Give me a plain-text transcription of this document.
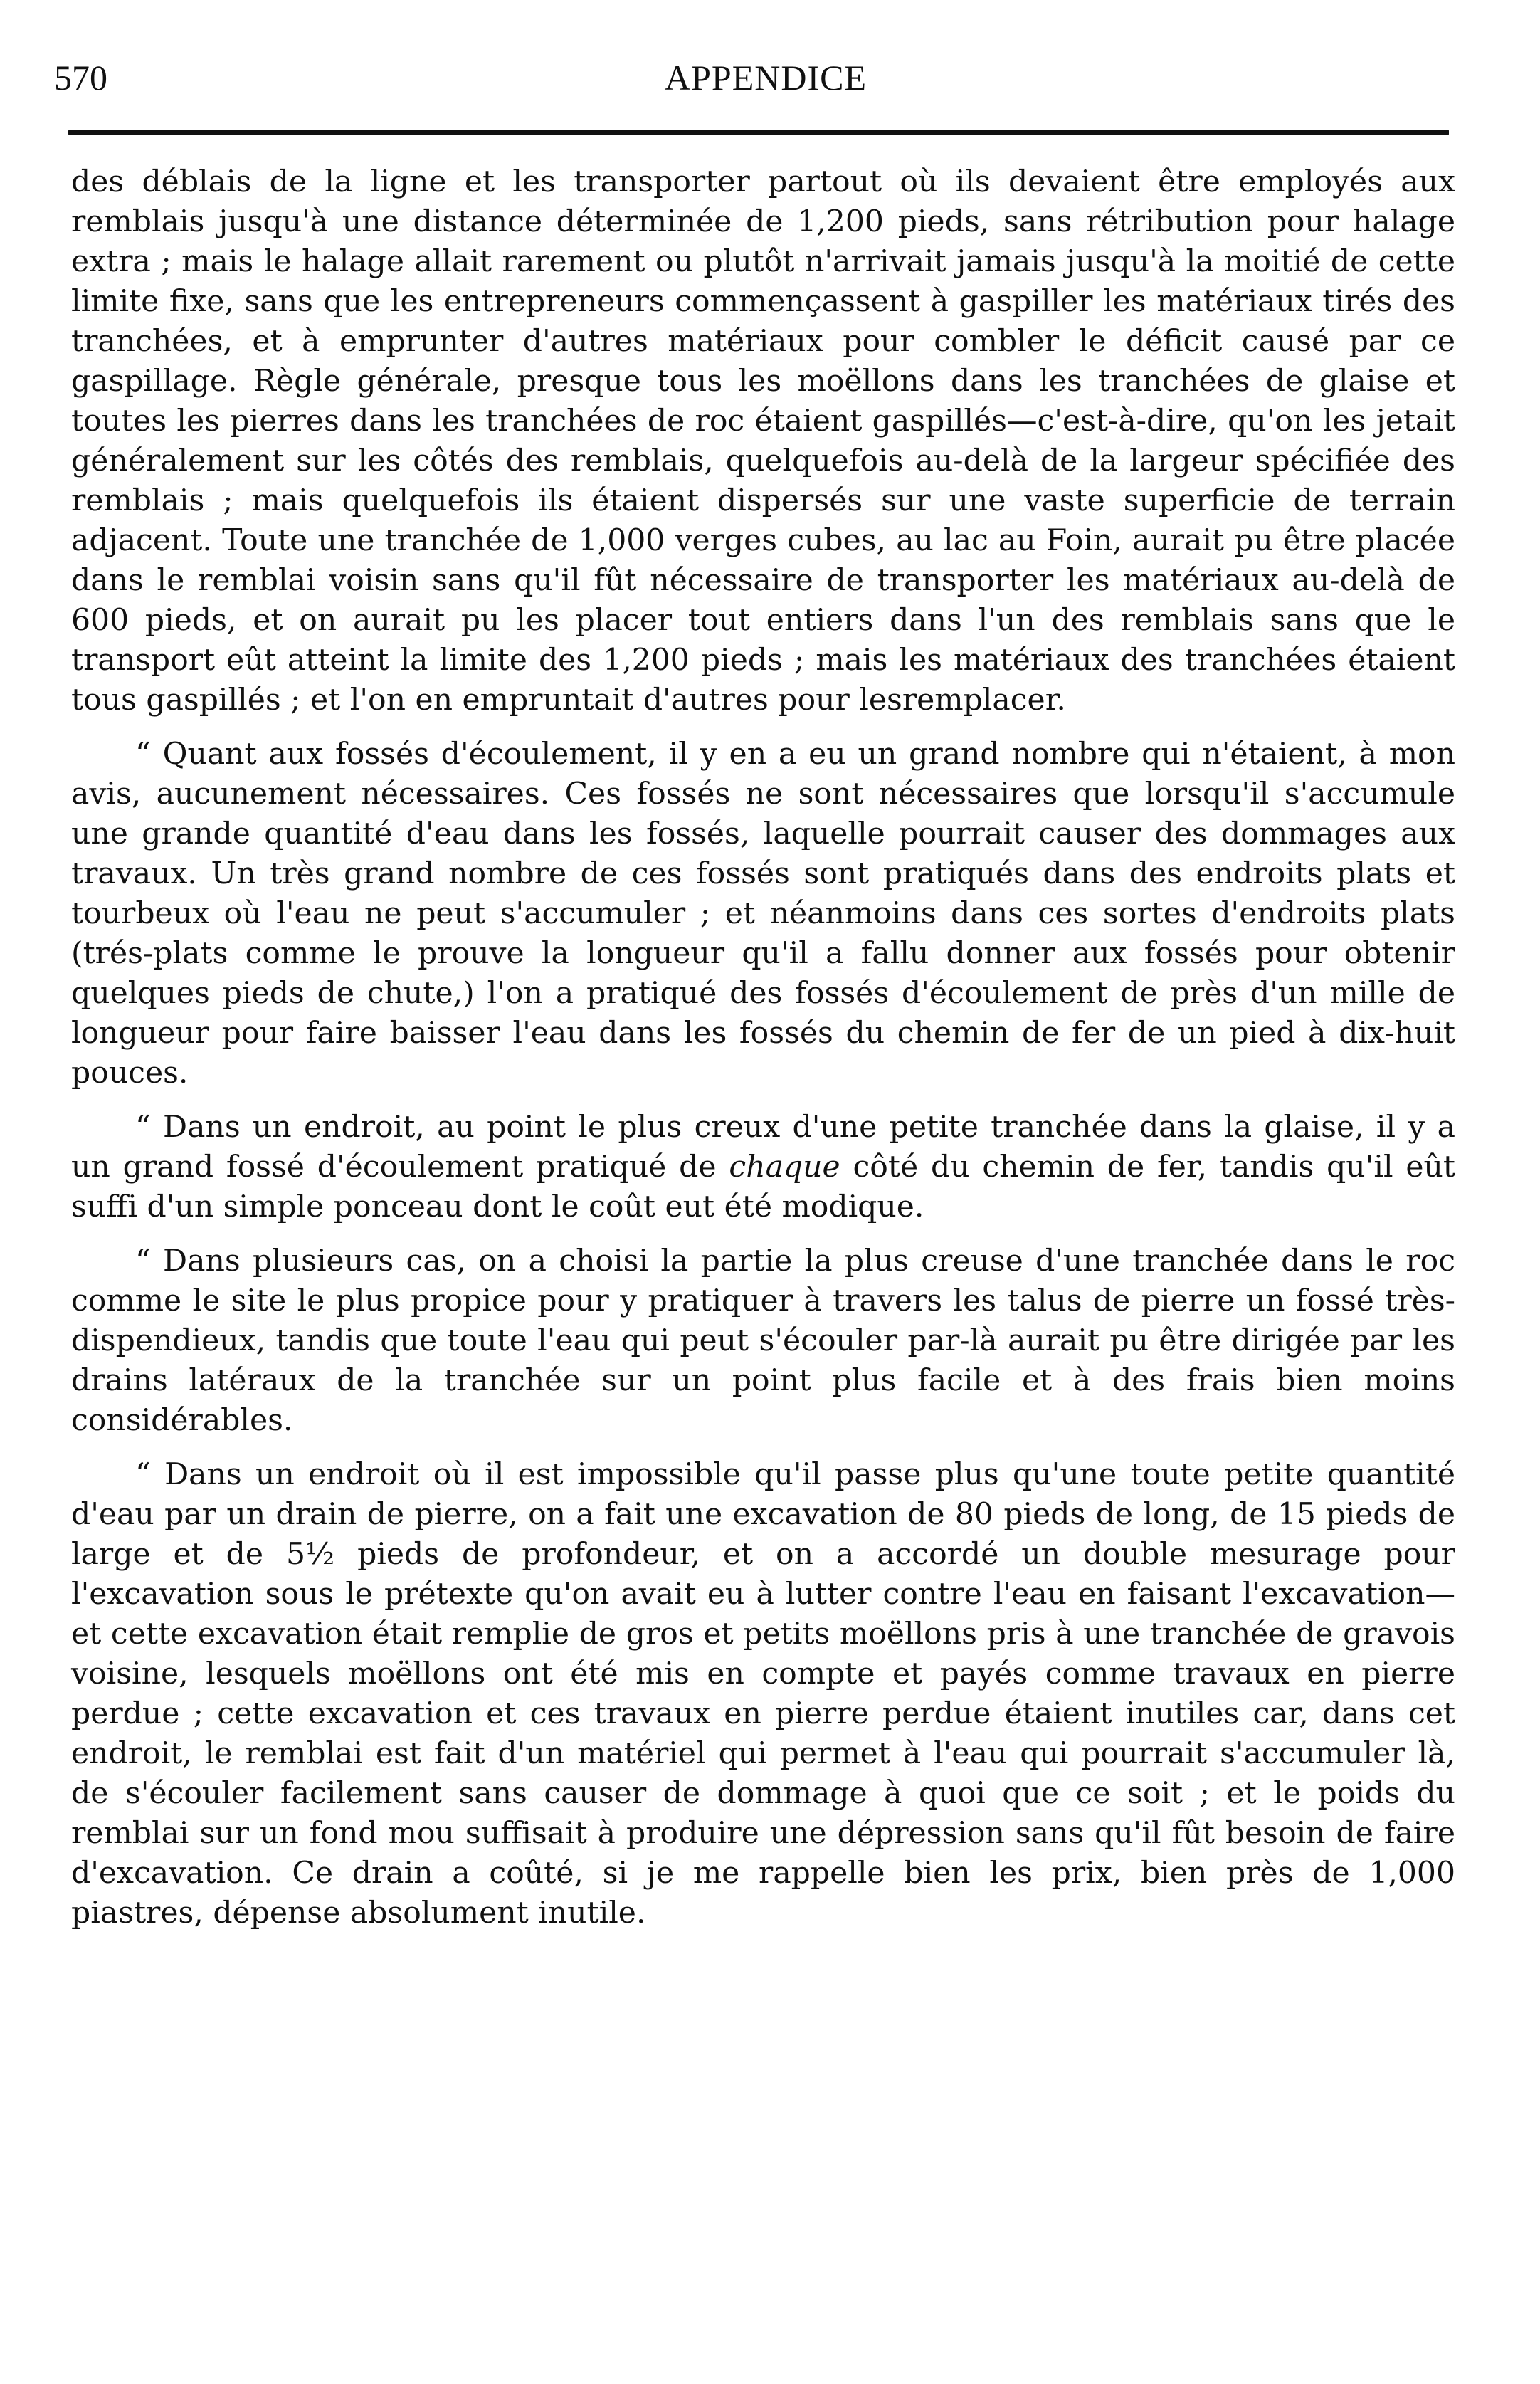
570	APPENDICE

des déblais de la ligne et les transporter partout où ils devaient être employés aux remblais jusqu'à une distance déterminée de 1,200 pieds, sans rétribution pour halage extra ; mais le halage allait rarement ou plutôt n'arrivait jamais jusqu'à la moitié de cette limite fixe, sans que les entrepreneurs commençassent à gaspiller les matériaux tirés des tranchées, et à emprunter d'autres matériaux pour combler le déficit causé par ce gaspillage. Règle générale, presque tous les moëllons dans les tranchées de glaise et toutes les pierres dans les tranchées de roc étaient gaspillés—c'est-à-dire, qu'on les jetait généralement sur les côtés des remblais, quelquefois au-delà de la largeur spécifiée des remblais ; mais quelquefois ils étaient dispersés sur une vaste superficie de terrain adjacent. Toute une tranchée de 1,000 verges cubes, au lac au Foin, aurait pu être placée dans le remblai voisin sans qu'il fût nécessaire de transporter les matériaux au-delà de 600 pieds, et on aurait pu les placer tout entiers dans l'un des remblais sans que le transport eût atteint la limite des 1,200 pieds ; mais les matériaux des tranchées étaient tous gaspillés ; et l'on en empruntait d'autres pour lesremplacer.

“ Quant aux fossés d'écoulement, il y en a eu un grand nombre qui n'étaient, à mon avis, aucunement nécessaires. Ces fossés ne sont nécessaires que lorsqu'il s'accumule une grande quantité d'eau dans les fossés, laquelle pourrait causer des dommages aux travaux. Un très grand nombre de ces fossés sont pratiqués dans des endroits plats et tourbeux où l'eau ne peut s'accumuler ; et néanmoins dans ces sortes d'endroits plats (trés-plats comme le prouve la longueur qu'il a fallu donner aux fossés pour obtenir quelques pieds de chute,) l'on a pratiqué des fossés d'écoulement de près d'un mille de longueur pour faire baisser l'eau dans les fossés du chemin de fer de un pied à dix-huit pouces.

“ Dans un endroit, au point le plus creux d'une petite tranchée dans la glaise, il y a un grand fossé d'écoulement pratiqué de chaque côté du chemin de fer, tandis qu'il eût suffi d'un simple ponceau dont le coût eut été modique.

“ Dans plusieurs cas, on a choisi la partie la plus creuse d'une tranchée dans le roc comme le site le plus propice pour y pratiquer à travers les talus de pierre un fossé très-dispendieux, tandis que toute l'eau qui peut s'écouler par-là aurait pu être dirigée par les drains latéraux de la tranchée sur un point plus facile et à des frais bien moins considérables.

“ Dans un endroit où il est impossible qu'il passe plus qu'une toute petite quantité d'eau par un drain de pierre, on a fait une excavation de 80 pieds de long, de 15 pieds de large et de 5½ pieds de profondeur, et on a accordé un double mesurage pour l'excavation sous le prétexte qu'on avait eu à lutter contre l'eau en faisant l'excavation—et cette excavation était remplie de gros et petits moëllons pris à une tranchée de gravois voisine, lesquels moëllons ont été mis en compte et payés comme travaux en pierre perdue ; cette excavation et ces travaux en pierre perdue étaient inutiles car, dans cet endroit, le remblai est fait d'un matériel qui permet à l'eau qui pourrait s'accumuler là, de s'écouler facilement sans causer de dommage à quoi que ce soit ; et le poids du remblai sur un fond mou suffisait à produire une dépression sans qu'il fût besoin de faire d'excavation. Ce drain a coûté, si je me rappelle bien les prix, bien près de 1,000 piastres, dépense absolument inutile.
